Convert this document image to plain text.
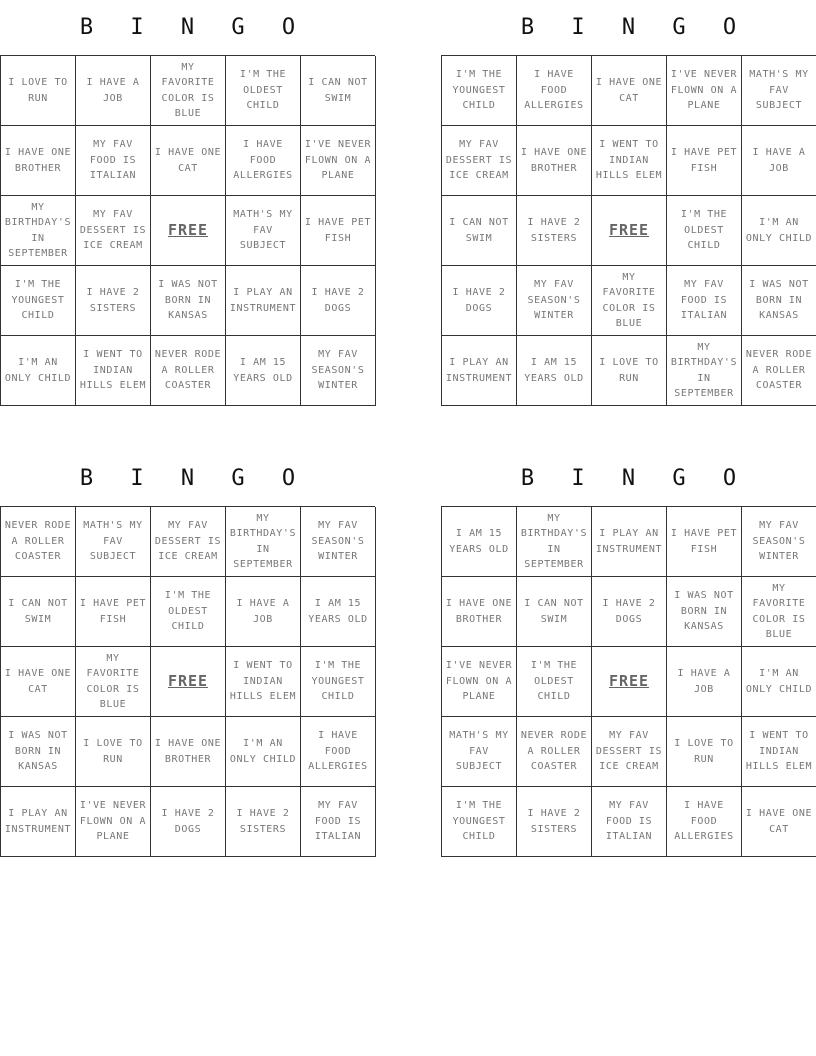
B I N G O
I LOVE TO RUN
I HAVE A JOB
MY FAVORITE COLOR IS BLUE
I'M THE OLDEST CHILD
I CAN NOT SWIM
I HAVE ONE BROTHER
MY FAV FOOD IS ITALIAN
I HAVE ONE CAT
I HAVE FOOD ALLERGIES
I'VE NEVER FLOWN ON A PLANE
MY BIRTHDAY'S IN SEPTEMBER
MY FAV DESSERT IS ICE CREAM
FREE
MATH'S MY FAV SUBJECT
I HAVE PET FISH
I'M THE YOUNGEST CHILD
I HAVE 2 SISTERS
I WAS NOT BORN IN KANSAS
I PLAY AN INSTRUMENT
I HAVE 2 DOGS
I'M AN ONLY CHILD
I WENT TO INDIAN HILLS ELEM
NEVER RODE A ROLLER COASTER
I AM 15 YEARS OLD
MY FAV SEASON'S WINTER
B I N G O
I'M THE YOUNGEST CHILD
I HAVE FOOD ALLERGIES
I HAVE ONE CAT
I'VE NEVER FLOWN ON A PLANE
MATH'S MY FAV SUBJECT
MY FAV DESSERT IS ICE CREAM
I HAVE ONE BROTHER
I WENT TO INDIAN HILLS ELEM
I HAVE PET FISH
I HAVE A JOB
I CAN NOT SWIM
I HAVE 2 SISTERS	FREE
I'M THE OLDEST CHILD
I'M AN ONLY CHILD
I HAVE 2 DOGS
MY FAV SEASON'S WINTER
MY FAVORITE COLOR IS BLUE
MY FAV FOOD IS ITALIAN
I WAS NOT BORN IN KANSAS
I PLAY AN INSTRUMENT
I AM 15 YEARS OLD
I LOVE TO RUN
MY BIRTHDAY'S IN SEPTEMBER
NEVER RODE A ROLLER COASTER
B I N G O
NEVER RODE A ROLLER COASTER
MATH'S MY FAV SUBJECT
MY FAV DESSERT IS ICE CREAM
MY BIRTHDAY'S IN SEPTEMBER
MY FAV SEASON'S WINTER
I CAN NOT SWIM
I HAVE PET FISH
I'M THE OLDEST CHILD
I HAVE A JOB
I AM 15 YEARS OLD
I HAVE ONE CAT
MY FAVORITE COLOR IS BLUE
FREE
I WENT TO INDIAN HILLS ELEM
I'M THE YOUNGEST CHILD
I WAS NOT BORN IN KANSAS
I LOVE TO RUN
I HAVE ONE BROTHER
I'M AN ONLY CHILD
I HAVE FOOD ALLERGIES
I PLAY AN INSTRUMENT
I'VE NEVER FLOWN ON A PLANE
I HAVE 2 DOGS
I HAVE 2 SISTERS
MY FAV FOOD IS ITALIAN
B I N G O
I AM 15 YEARS OLD
MY BIRTHDAY'S IN SEPTEMBER
I PLAY AN INSTRUMENT
I HAVE PET FISH
MY FAV SEASON'S WINTER
I HAVE ONE BROTHER
I CAN NOT SWIM
I HAVE 2 DOGS
I WAS NOT BORN IN KANSAS
MY FAVORITE COLOR IS BLUE
I'VE NEVER FLOWN ON A PLANE
I'M THE OLDEST CHILD
FREE	I HAVE A JOB
I'M AN ONLY CHILD
MATH'S MY FAV SUBJECT
NEVER RODE A ROLLER COASTER
MY FAV DESSERT IS ICE CREAM
I LOVE TO RUN
I WENT TO INDIAN HILLS ELEM
I'M THE YOUNGEST CHILD
I HAVE 2 SISTERS
MY FAV FOOD IS ITALIAN
I HAVE FOOD ALLERGIES
I HAVE ONE CAT
